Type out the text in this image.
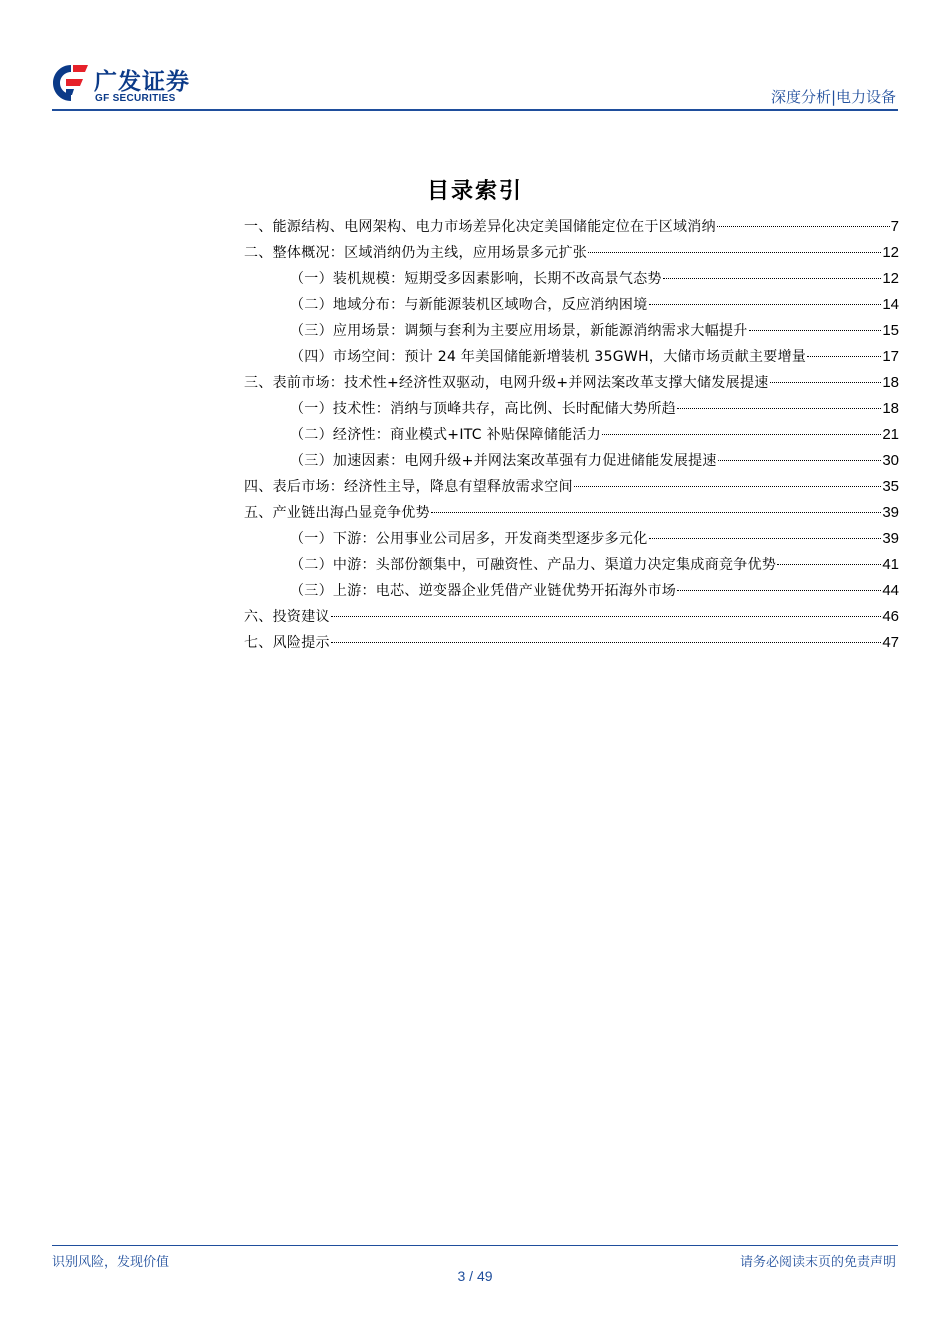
广发证券
GF SECURITIES	深度分析|电力设备
目录索引
一、能源结构、电网架构、电力市场差异化决定美国储能定位在于区域消纳	7
二、整体概况：区域消纳仍为主线，应用场景多元扩张	12
（一）装机规模：短期受多因素影响，长期不改高景气态势	12
（二）地域分布：与新能源装机区域吻合，反应消纳困境	14
（三）应用场景：调频与套利为主要应用场景，新能源消纳需求大幅提升	15
（四）市场空间：预计 24 年美国储能新增装机 35GWH，大储市场贡献主要增量	17
三、表前市场：技术性+经济性双驱动，电网升级+并网法案改革支撑大储发展提速	18
（一）技术性：消纳与顶峰共存，高比例、长时配储大势所趋	18
（二）经济性：商业模式+ITC 补贴保障储能活力	21
（三）加速因素：电网升级+并网法案改革强有力促进储能发展提速	30
四、表后市场：经济性主导，降息有望释放需求空间	35
五、产业链出海凸显竞争优势	39
（一）下游：公用事业公司居多，开发商类型逐步多元化	39
（二）中游：头部份额集中，可融资性、产品力、渠道力决定集成商竞争优势	41
（三）上游：电芯、逆变器企业凭借产业链优势开拓海外市场	44
六、投资建议	46
七、风险提示	47
识别风险，发现价值	请务必阅读末页的免责声明
3 / 49
